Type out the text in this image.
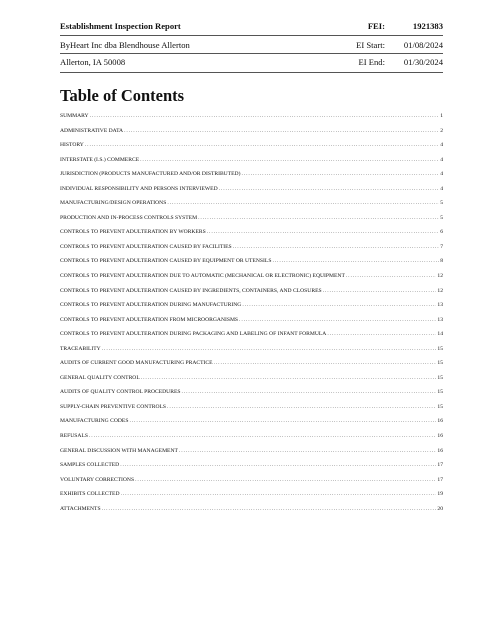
Establishment Inspection Report	FEI:	1921383
ByHeart Inc dba Blendhouse Allerton	EI Start: 01/08/2024
Allerton, IA 50008	EI End: 01/30/2024
Table of Contents
SUMMARY .....	1
ADMINISTRATIVE DATA .....	2
HISTORY .....	4
INTERSTATE (I.S.) COMMERCE .....	4
JURISDICTION (PRODUCTS MANUFACTURED AND/OR DISTRIBUTED) .....	4
INDIVIDUAL RESPONSIBILITY AND PERSONS INTERVIEWED .....	4
MANUFACTURING/DESIGN OPERATIONS .....	5
PRODUCTION AND IN-PROCESS CONTROLS SYSTEM .....	5
CONTROLS TO PREVENT ADULTERATION BY WORKERS .....	6
CONTROLS TO PREVENT ADULTERATION CAUSED BY FACILITIES .....	7
CONTROLS TO PREVENT ADULTERATION CAUSED BY EQUIPMENT OR UTENSILS .....	8
CONTROLS TO PREVENT ADULTERATION DUE TO AUTOMATIC (MECHANICAL OR ELECTRONIC) EQUIPMENT .....	12
CONTROLS TO PREVENT ADULTERATION CAUSED BY INGREDIENTS, CONTAINERS, AND CLOSURES .....	12
CONTROLS TO PREVENT ADULTERATION DURING MANUFACTURING .....	13
CONTROLS TO PREVENT ADULTERATION FROM MICROORGANISMS .....	13
CONTROLS TO PREVENT ADULTERATION DURING PACKAGING AND LABELING OF INFANT FORMULA .....	14
TRACEABILITY .....	15
AUDITS OF CURRENT GOOD MANUFACTURING PRACTICE .....	15
GENERAL QUALITY CONTROL .....	15
AUDITS OF QUALITY CONTROL PROCEDURES .....	15
SUPPLY-CHAIN PREVENTIVE CONTROLS .....	15
MANUFACTURING CODES .....	16
REFUSALS .....	16
GENERAL DISCUSSION WITH MANAGEMENT .....	16
SAMPLES COLLECTED .....	17
VOLUNTARY CORRECTIONS .....	17
EXHIBITS COLLECTED .....	19
ATTACHMENTS .....	20
